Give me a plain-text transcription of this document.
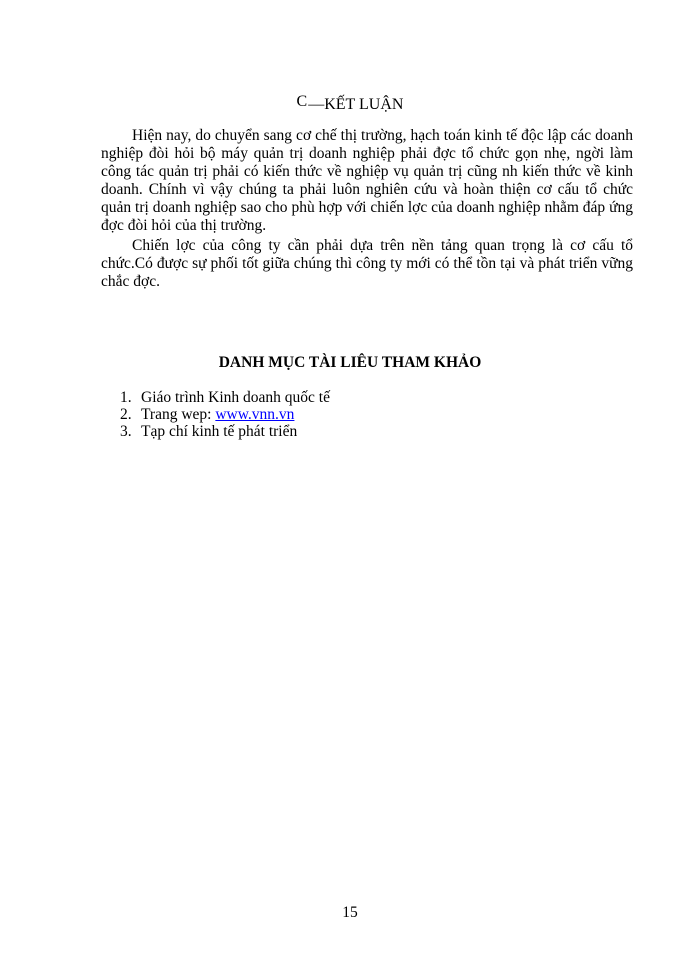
C—KẾT LUẬN

Hiện nay, do chuyển sang cơ chế thị trường, hạch toán kinh tế độc lập các doanh nghiệp đòi hỏi bộ máy quản trị doanh nghiệp phải đợc tổ chức gọn nhẹ, ngời làm công tác quản trị phải có kiến thức về nghiệp vụ quản trị cũng nh kiến thức về kinh doanh. Chính vì vậy chúng ta phải luôn nghiên cứu và hoàn thiện cơ cấu tổ chức quản trị doanh nghiệp sao cho phù hợp với chiến lợc của doanh nghiệp nhằm đáp ứng đợc đòi hỏi của thị trường.

Chiến lợc của công ty cần phải dựa trên nền tảng quan trọng là cơ cấu tổ chức.Có được sự phối tốt giữa chúng thì công ty mới có thể tồn tại và phát triển vững chắc đợc.

DANH MỤC TÀI LIÊU THAM KHẢO
1. Giáo trình Kinh doanh quốc tế
2. Trang wep: www.vnn.vn
3. Tạp chí kinh tế phát triển
15
